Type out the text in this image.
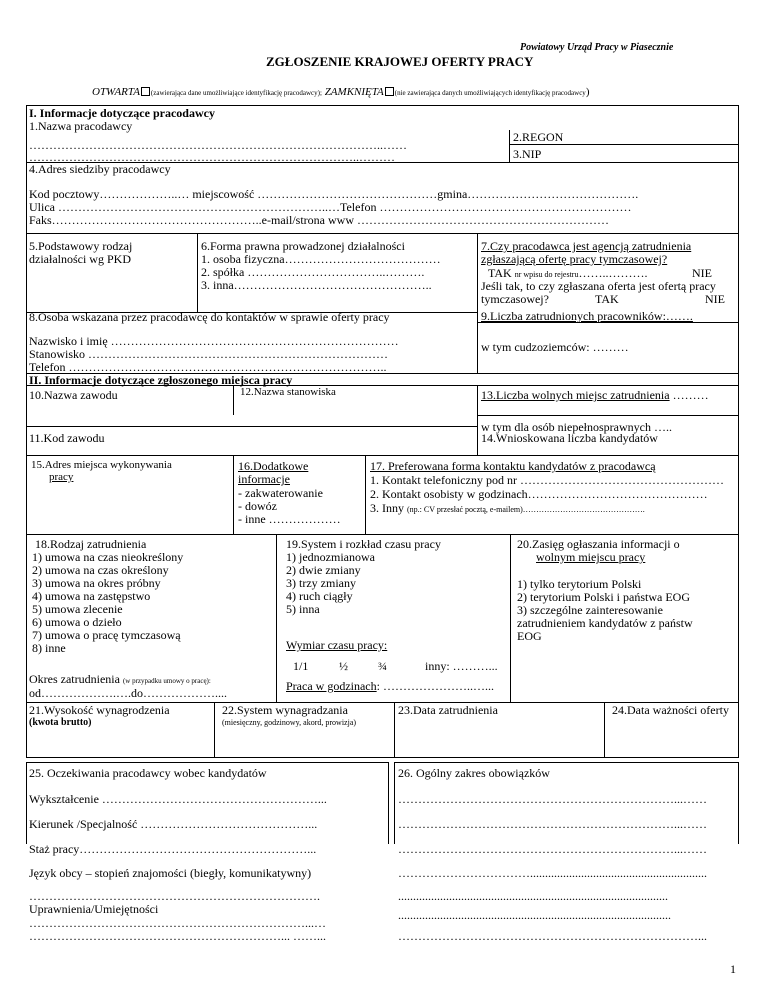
Powiatowy Urząd Pracy w Piasecznie
ZGŁOSZENIE KRAJOWEJ OFERTY PRACY
OTWARTA (zawierająca dane umożliwiające identyfikację pracodawcy); ZAMKNIĘTA (nie zawierająca danych umożliwiających identyfikację pracodawcy)
I. Informacje dotyczące pracodawcy
1.Nazwa pracodawcy
……………………………………………………………………………..……
………………………………………………………………………..………
2.REGON
3.NIP
4.Adres siedziby pracodawcy
Kod pocztowy………………..… miejscowość ………………………………………gmina…………………………………….
Ulica …………………………………………………………..…Telefon ………………………………………………………
Faks……………………………………………..e-mail/strona www ………………………………………………………
5.Podstawowy rodzaj
działalności wg PKD
6.Forma prawna prowadzonej działalności
1. osoba fizyczna…………………………………
2. spółka ……………………………..……….
3. inna…………………………………………..
7.Czy pracodawca jest agencją zatrudnienia
zgłaszającą ofertę pracy tymczasowej?
TAK nr wpisu do rejestru……..……….	NIE
Jeśli tak, to czy zgłaszana oferta jest ofertą pracy
tymczasowej?	TAK	NIE
9.Liczba zatrudnionych pracowników:…….
8.Osoba wskazana przez pracodawcę do kontaktów w sprawie oferty pracy
Nazwisko i imię ………………………………………………………………
Stanowisko …………………………………………………………………
Telefon ……………………………………………………………………..
w tym cudzoziemców: ………
II. Informacje dotyczące zgłoszonego miejsca pracy
10.Nazwa zawodu	12.Nazwa stanowiska	13.Liczba wolnych miejsc zatrudnienia ………
w tym dla osób niepełnosprawnych …..
11.Kod zawodu	14.Wnioskowana liczba kandydatów
15.Adres miejsca wykonywania
pracy
16.Dodatkowe
informacje
- zakwaterowanie
- dowóz
- inne ………………
17. Preferowana forma kontaktu kandydatów z pracodawcą
1. Kontakt telefoniczny pod nr ……………………………………………
2. Kontakt osobisty w godzinach………………………………………
3. Inny (np.: CV przesłać pocztą, e-mailem)……………………………………….
18.Rodzaj zatrudnienia
1) umowa na czas nieokreślony
2) umowa na czas określony
3) umowa na okres próbny
4) umowa na zastępstwo
5) umowa zlecenie
6) umowa o dzieło
7) umowa o pracę tymczasową
8) inne
Okres zatrudnienia (w przypadku umowy o pracę):
od……………….….do………………....
19.System i rozkład czasu pracy
1) jednozmianowa
2) dwie zmiany
3) trzy zmiany
4) ruch ciągły
5) inna
Wymiar czasu pracy:
1/1	½	¾	inny: ………...
Praca w godzinach: …………………..…...
20.Zasięg ogłaszania informacji o
wolnym miejscu pracy
1) tylko terytorium Polski
2) terytorium Polski i państwa EOG
3) szczególne zainteresowanie
zatrudnieniem kandydatów z państw
EOG
21.Wysokość wynagrodzenia
(kwota brutto)
22.System wynagradzania
(miesięczny, godzinowy, akord, prowizja)
23.Data zatrudnienia	24.Data ważności oferty
25. Oczekiwania pracodawcy wobec kandydatów
Wykształcenie ………………………………………………...
Kierunek /Specjalność ……………………………………...
Staż pracy…………………………………………………...
Język obcy – stopień znajomości (biegły, komunikatywny)
……………………………………………………………….
Uprawnienia/Umiejętności
……………………………………………………………...…
………………………………………………………... ……...
26. Ogólny zakres obowiązków
……………………………………………………………...……
……………………………………………………………...……
……………………………………………………………...……
……………………………...........................................................
..........................................................................................
...........................................................................................
…………………………………………………………………...
1
